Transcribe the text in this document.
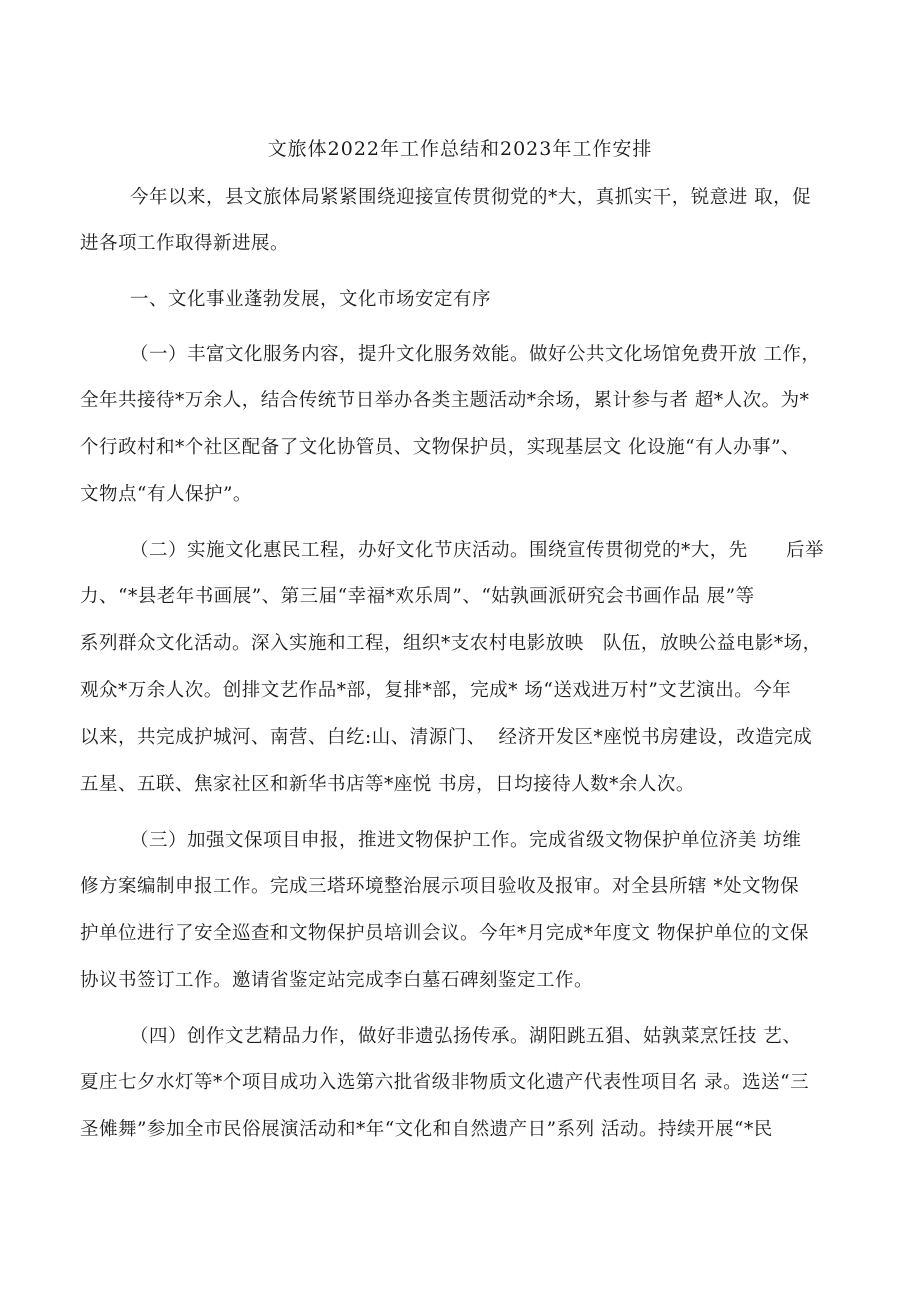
文旅体2022年工作总结和2023年工作安排
今年以来，县文旅体局紧紧围绕迎接宣传贯彻党的*大，真抓实干，锐意进 取，促
进各项工作取得新进展。
一、文化事业蓬勃发展，文化市场安定有序
（一）丰富文化服务内容，提升文化服务效能。做好公共文化场馆免费开放 工作，
全年共接待*万余人，结合传统节日举办各类主题活动*余场，累计参与者 超*人次。为*
个行政村和*个社区配备了文化协管员、文物保护员，实现基层文 化设施“有人办事”、
文物点“有人保护”。
（二）实施文化惠民工程，办好文化节庆活动。围绕宣传贯彻党的*大，先      后举
力、“*县老年书画展”、第三届“幸福*欢乐周”、“姑孰画派研究会书画作品 展”等
系列群众文化活动。深入实施和工程，组织*支农村电影放映   队伍，放映公益电影*场，
观众*万余人次。创排文艺作品*部，复排*部，完成* 场“送戏进万村”文艺演出。今年
以来，共完成护城河、南营、白纥:山、清源门、  经济开发区*座悦书房建设，改造完成
五星、五联、焦家社区和新华书店等*座悦 书房，日均接待人数*余人次。
（三）加强文保项目申报，推进文物保护工作。完成省级文物保护单位济美 坊维
修方案编制申报工作。完成三塔环境整治展示项目验收及报审。对全县所辖 *处文物保
护单位进行了安全巡查和文物保护员培训会议。今年*月完成*年度文 物保护单位的文保
协议书签订工作。邀请省鉴定站完成李白墓石碑刻鉴定工作。
（四）创作文艺精品力作，做好非遗弘扬传承。湖阳跳五猖、姑孰菜烹饪技 艺、
夏庄七夕水灯等*个项目成功入选第六批省级非物质文化遗产代表性项目名 录。选送“三
圣傩舞”参加全市民俗展演活动和*年“文化和自然遗产日”系列 活动。持续开展“*民
